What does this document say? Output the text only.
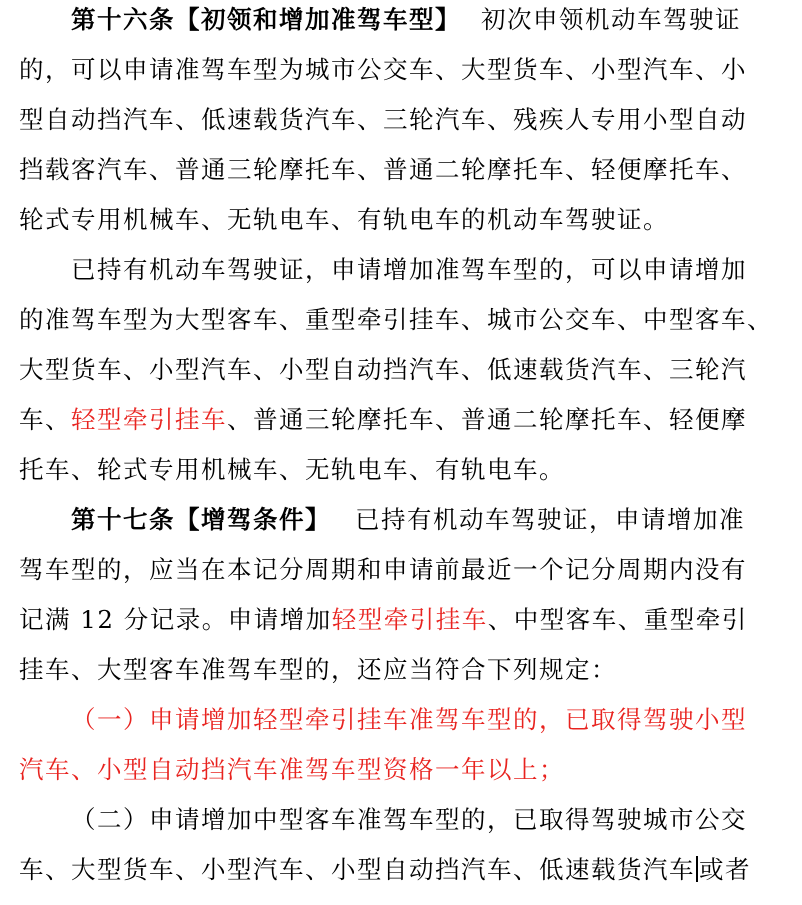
第十六条【初领和增加准驾车型】 初次申领机动车驾驶证
的，可以申请准驾车型为城市公交车、大型货车、小型汽车、小
型自动挡汽车、低速载货汽车、三轮汽车、残疾人专用小型自动
挡载客汽车、普通三轮摩托车、普通二轮摩托车、轻便摩托车、
轮式专用机械车、无轨电车、有轨电车的机动车驾驶证。
已持有机动车驾驶证，申请增加准驾车型的，可以申请增加
的准驾车型为大型客车、重型牵引挂车、城市公交车、中型客车、
大型货车、小型汽车、小型自动挡汽车、低速载货汽车、三轮汽
车、轻型牵引挂车、普通三轮摩托车、普通二轮摩托车、轻便摩
托车、轮式专用机械车、无轨电车、有轨电车。
第十七条【增驾条件】 已持有机动车驾驶证，申请增加准
驾车型的，应当在本记分周期和申请前最近一个记分周期内没有
记满 12 分记录。申请增加轻型牵引挂车、中型客车、重型牵引
挂车、大型客车准驾车型的，还应当符合下列规定：
（一）申请增加轻型牵引挂车准驾车型的，已取得驾驶小型
汽车、小型自动挡汽车准驾车型资格一年以上；
（二）申请增加中型客车准驾车型的，已取得驾驶城市公交
车、大型货车、小型汽车、小型自动挡汽车、低速载货汽车 或者
